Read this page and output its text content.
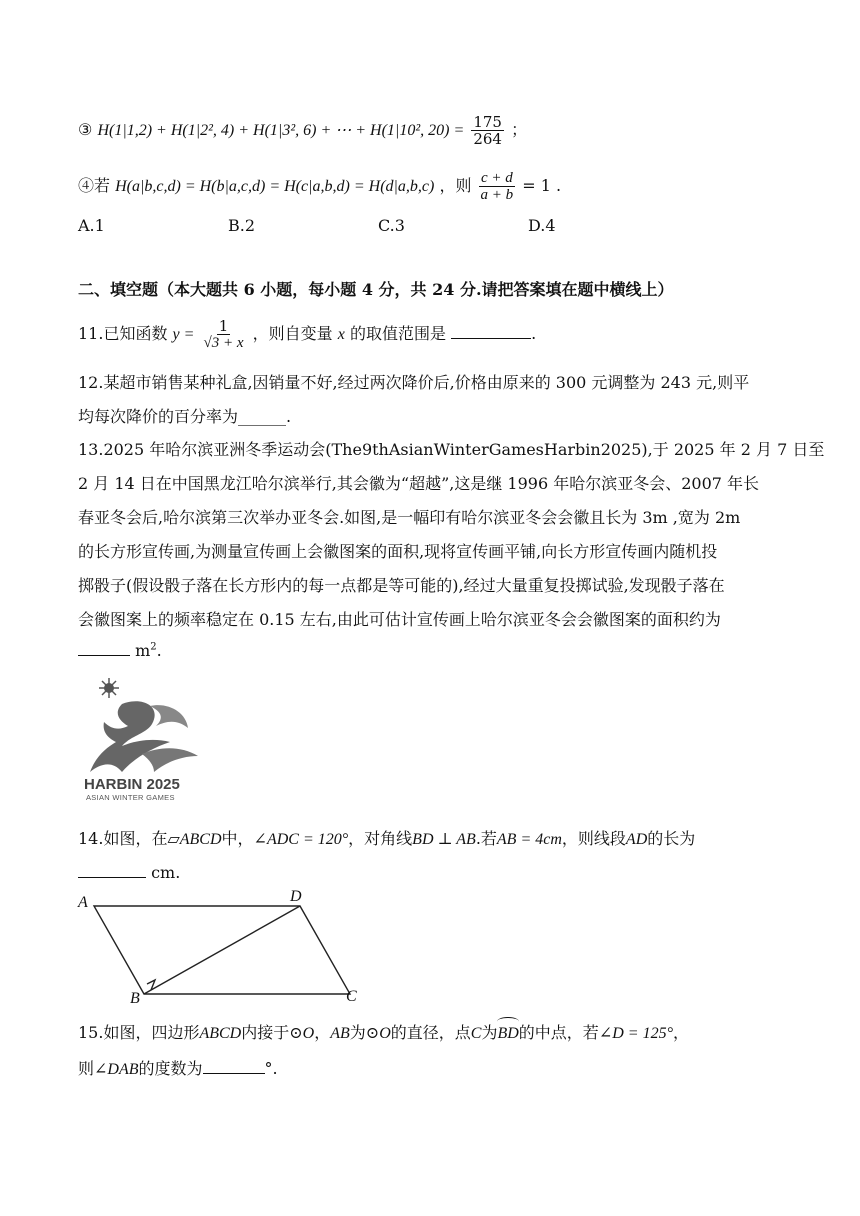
③ H(1|1,2) + H(1|2², 4) + H(1|3², 6) + ⋯ + H(1|10², $20) = \frac{175}{264}$ ；
④若 H(a|b,c,d) = H(b|a,c,d) = H(c|a,b,d) = H(d|a,b,c) ，则 $\frac{c + d}{a + b} = 1$ .
A.1	B.2	C.3	D.4
二、填空题（本大题共 6 小题，每小题 4 分，共 24 分.请把答案填在题中横线上）
11.已知函数 $y = \frac{1}{√3 + x}$ ，则自变量 x 的取值范围是	.
12.某超市销售某种礼盒,因销量不好,经过两次降价后,价格由原来的 300 元调整为 243 元,则平
均每次降价的百分率为______.
13.2025 年哈尔滨亚洲冬季运动会(The9thAsianWinterGamesHarbin2025),于 2025 年 2 月 7 日至
2 月 14 日在中国黑龙江哈尔滨举行,其会徽为“超越”,这是继 1996 年哈尔滨亚冬会、2007 年长
春亚冬会后,哈尔滨第三次举办亚冬会.如图,是一幅印有哈尔滨亚冬会会徽且长为 3m ,宽为 2m
的长方形宣传画,为测量宣传画上会徽图案的面积,现将宣传画平铺,向长方形宣传画内随机投
掷骰子(假设骰子落在长方形内的每一点都是等可能的),经过大量重复投掷试验,发现骰子落在
会徽图案上的频率稳定在 0.15 左右,由此可估计宣传画上哈尔滨亚冬会会徽图案的面积约为
$m^2$.
HARBIN 2025
ASIAN WINTER GAMES
14.如图，在▱ABCD中，∠ADC = 120°，对角线BD ⊥ AB.若AB = 4cm，则线段AD的长为
cm.
A	D
B	C
15.如图，四边形ABCD内接于⊙O，AB为⊙O的直径，点C为
BD的中点，若∠D = 125°，
则∠DAB的度数为	°.
